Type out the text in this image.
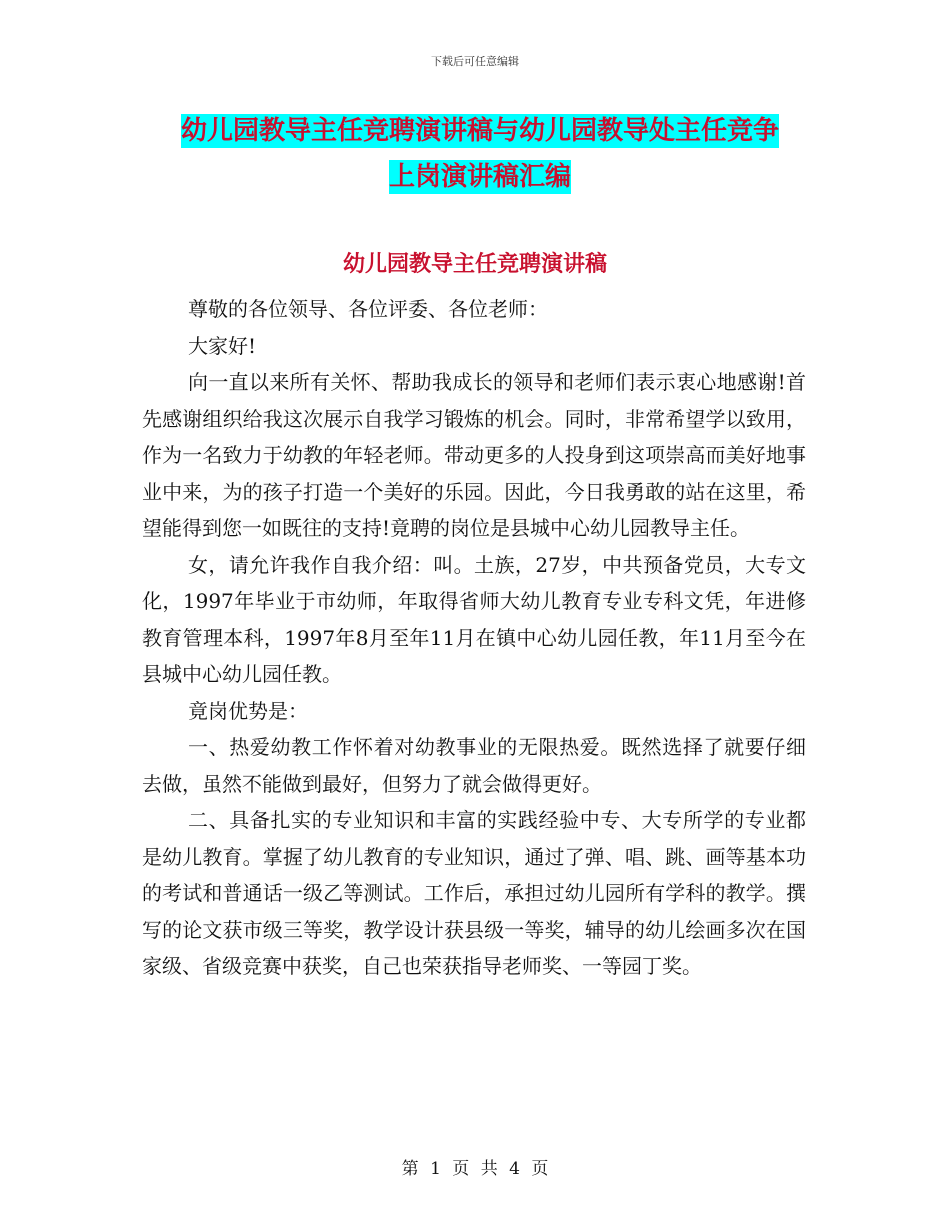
下载后可任意编辑
幼儿园教导主任竞聘演讲稿与幼儿园教导处主任竞争
上岗演讲稿汇编
幼儿园教导主任竞聘演讲稿

尊敬的各位领导、各位评委、各位老师：

大家好!

向一直以来所有关怀、帮助我成长的领导和老师们表示衷心地感谢!首先感谢组织给我这次展示自我学习锻炼的机会。同时，非常希望学以致用，作为一名致力于幼教的年轻老师。带动更多的人投身到这项崇高而美好地事业中来，为的孩子打造一个美好的乐园。因此，今日我勇敢的站在这里，希望能得到您一如既往的支持!竟聘的岗位是县城中心幼儿园教导主任。

女，请允许我作自我介绍：叫。土族，27岁，中共预备党员，大专文化，1997年毕业于市幼师，年取得省师大幼儿教育专业专科文凭，年进修教育管理本科，1997年8月至年11月在镇中心幼儿园任教，年11月至今在县城中心幼儿园任教。

竟岗优势是：

一、热爱幼教工作怀着对幼教事业的无限热爱。既然选择了就要仔细去做，虽然不能做到最好，但努力了就会做得更好。

二、具备扎实的专业知识和丰富的实践经验中专、大专所学的专业都是幼儿教育。掌握了幼儿教育的专业知识，通过了弹、唱、跳、画等基本功的考试和普通话一级乙等测试。工作后，承担过幼儿园所有学科的教学。撰写的论文获市级三等奖，教学设计获县级一等奖，辅导的幼儿绘画多次在国家级、省级竞赛中获奖，自己也荣获指导老师奖、一等园丁奖。

第 1 页 共 4 页
